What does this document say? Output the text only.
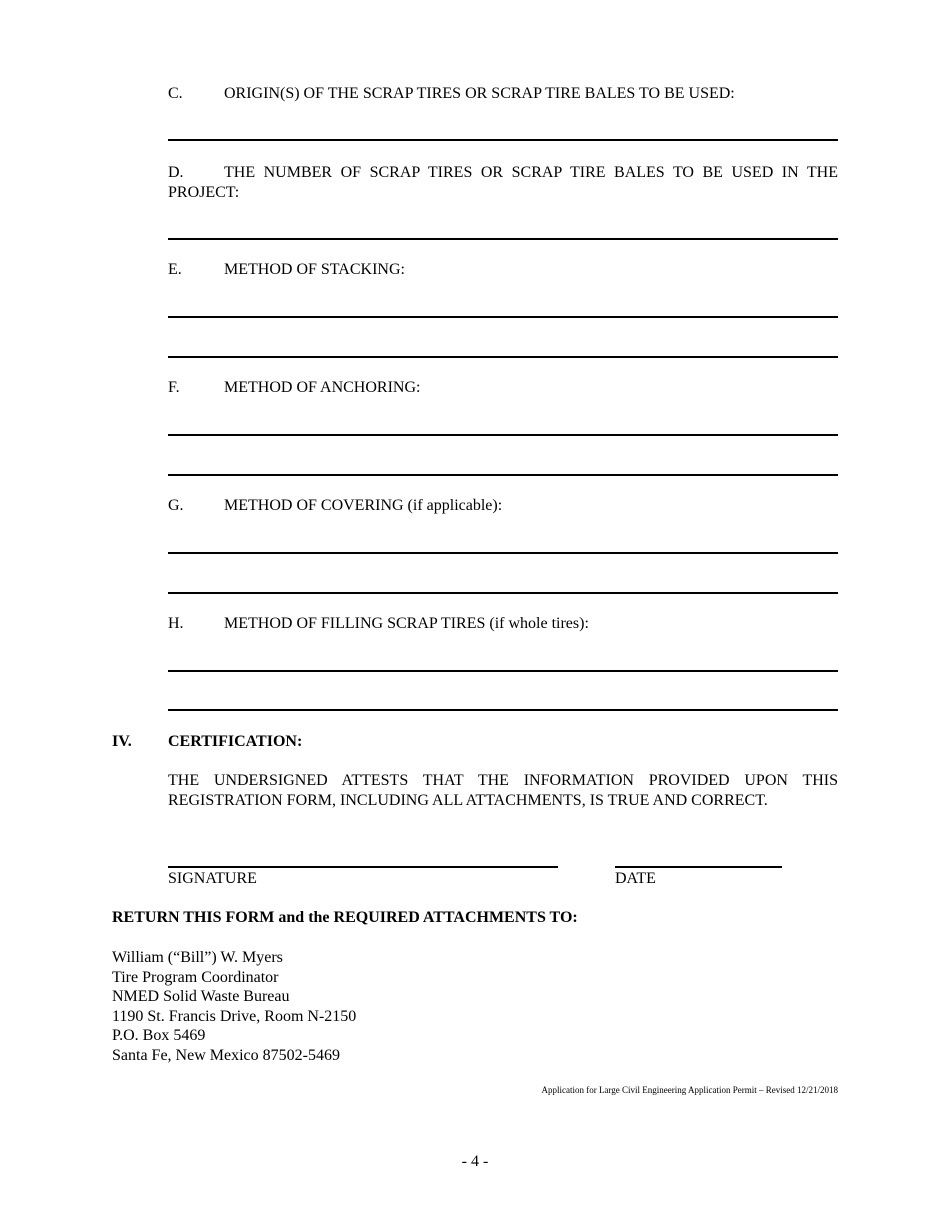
C.	ORIGIN(S) OF THE SCRAP TIRES OR SCRAP TIRE BALES TO BE USED:
D.	THE NUMBER OF SCRAP TIRES OR SCRAP TIRE BALES TO BE USED IN THE PROJECT:
E.	METHOD OF STACKING:
F.	METHOD OF ANCHORING:
G.	METHOD OF COVERING (if applicable):
H.	METHOD OF FILLING SCRAP TIRES (if whole tires):
IV. CERTIFICATION:
THE UNDERSIGNED ATTESTS THAT THE INFORMATION PROVIDED UPON THIS REGISTRATION FORM, INCLUDING ALL ATTACHMENTS, IS TRUE AND CORRECT.
SIGNATURE	DATE
RETURN THIS FORM and the REQUIRED ATTACHMENTS TO:
William (“Bill”) W. Myers
Tire Program Coordinator
NMED Solid Waste Bureau
1190 St. Francis Drive, Room N-2150
P.O. Box 5469
Santa Fe, New Mexico 87502-5469
Application for Large Civil Engineering Application Permit – Revised 12/21/2018
- 4 -
